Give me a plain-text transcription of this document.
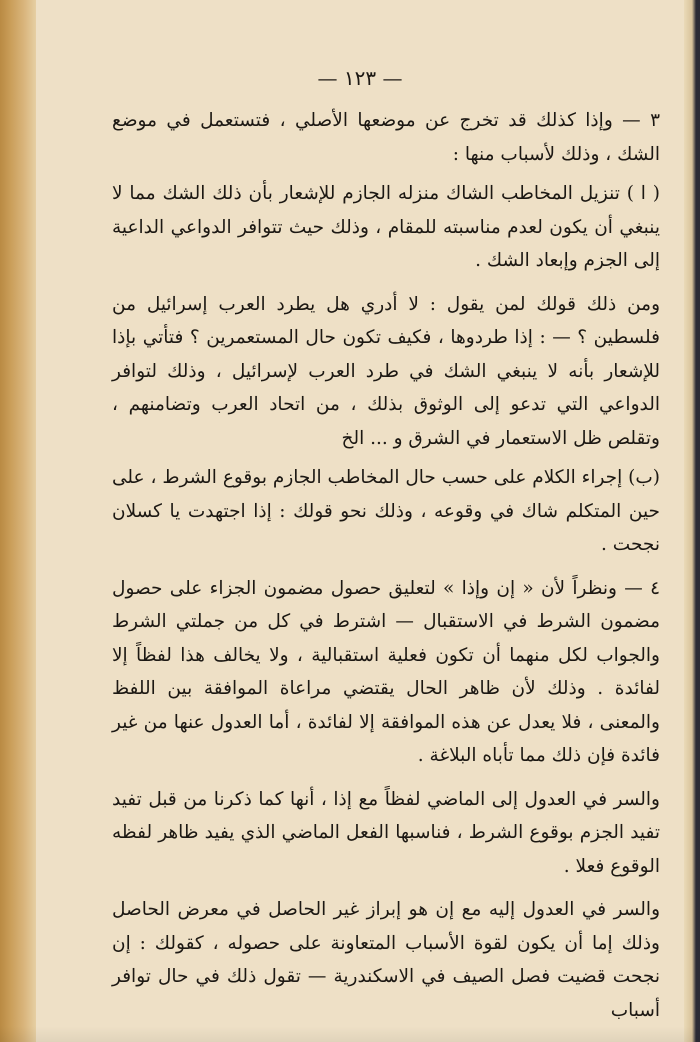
— ١٢٣ —

٣ — وإذا كذلك قد تخرج عن موضعها الأصلي ، فتستعمل في موضع الشك ، وذلك لأسباب منها :

( ا ) تنزيل المخاطب الشاك منزله الجازم للإشعار بأن ذلك الشك مما لا ينبغي أن يكون لعدم مناسبته للمقام ، وذلك حيث تتوافر الدواعي الداعية إلى الجزم وإبعاد الشك .

ومن ذلك قولك لمن يقول : لا أدري هل يطرد العرب إسرائيل من فلسطين ؟ — : إذا طردوها ، فكيف تكون حال المستعمرين ؟ فتأتي بإذا للإشعار بأنه لا ينبغي الشك في طرد العرب لإسرائيل ، وذلك لتوافر الدواعي التي تدعو إلى الوثوق بذلك ، من اتحاد العرب وتضامنهم ، وتقلص ظل الاستعمار في الشرق و ... الخ

(ب) إجراء الكلام على حسب حال المخاطب الجازم بوقوع الشرط ، على حين المتكلم شاك في وقوعه ، وذلك نحو قولك : إذا اجتهدت يا كسلان نجحت .

٤ — ونظراً لأن « إن وإذا » لتعليق حصول مضمون الجزاء على حصول مضمون الشرط في الاستقبال — اشترط في كل من جملتي الشرط والجواب لكل منهما أن تكون فعلية استقبالية ، ولا يخالف هذا لفظاً إلا لفائدة . وذلك لأن ظاهر الحال يقتضي مراعاة الموافقة بين اللفظ والمعنى ، فلا يعدل عن هذه الموافقة إلا لفائدة ، أما العدول عنها من غير فائدة فإن ذلك مما تأباه البلاغة .

والسر في العدول إلى الماضي لفظاً مع إذا ، أنها كما ذكرنا من قبل تفيد تفيد الجزم بوقوع الشرط ، فناسبها الفعل الماضي الذي يفيد ظاهر لفظه الوقوع فعلا .

والسر في العدول إليه مع إن هو إبراز غير الحاصل في معرض الحاصل وذلك إما أن يكون لقوة الأسباب المتعاونة على حصوله ، كقولك : إن نجحت قضيت فصل الصيف في الاسكندرية — تقول ذلك في حال توافر أسباب
